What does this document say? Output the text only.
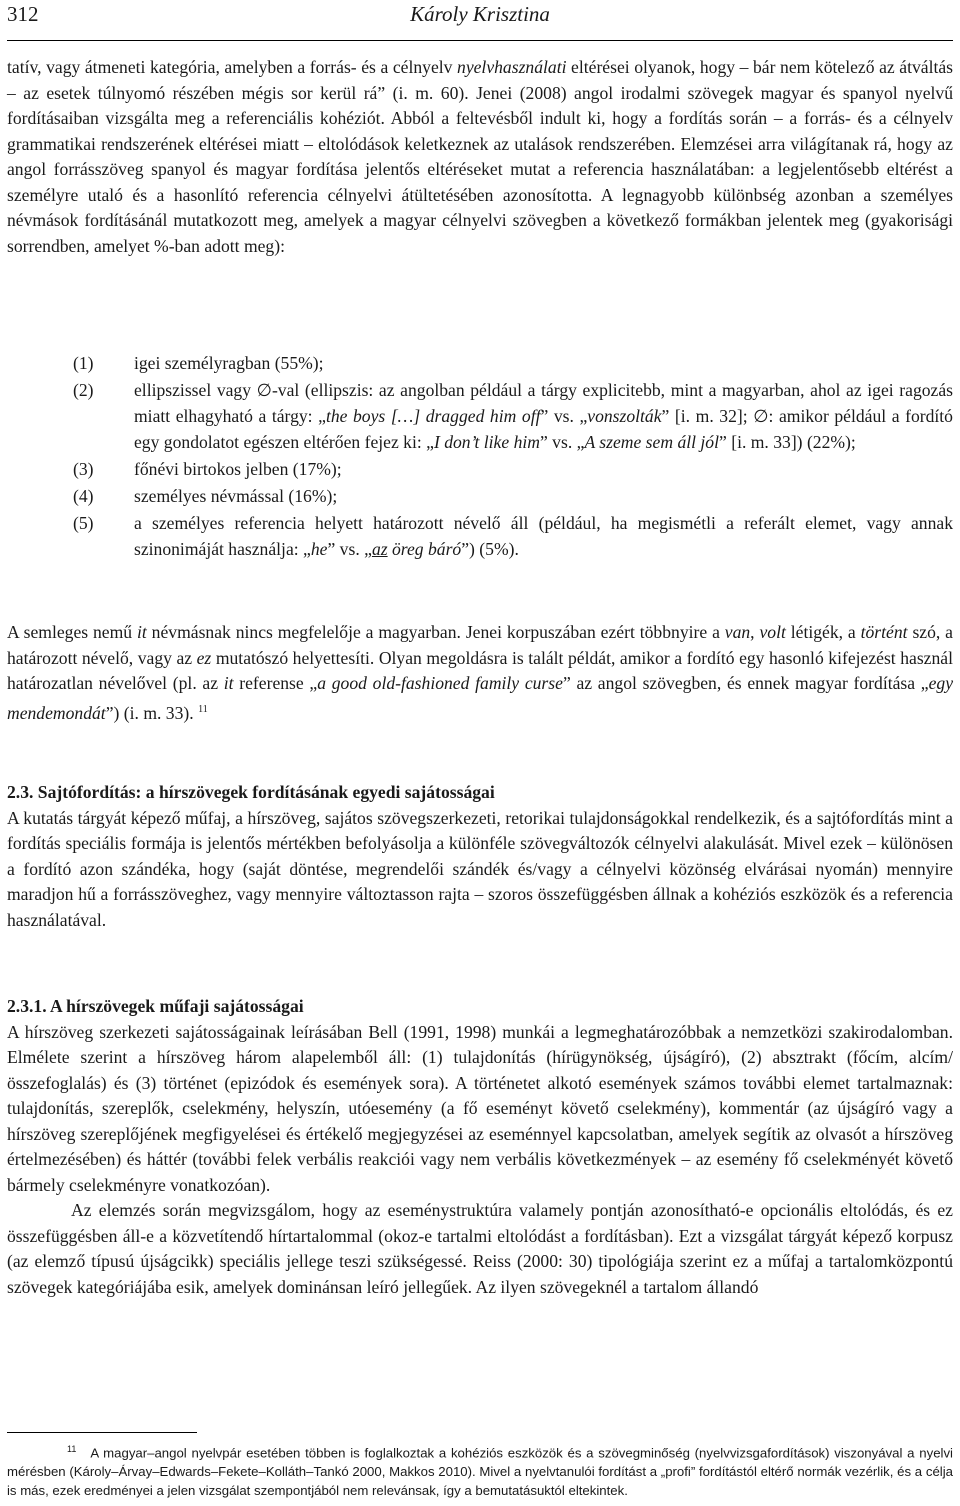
312	Károly Krisztina

tatív, vagy átmeneti kategória, amelyben a forrás- és a célnyelv nyelvhasználati eltérései olyanok, hogy – bár nem kötelező az átváltás – az esetek túlnyomó részében mégis sor kerül rá” (i. m. 60). Jenei (2008) angol irodalmi szövegek magyar és spanyol nyelvű fordításaiban vizsgálta meg a referenciális kohéziót. Abból a feltevésből indult ki, hogy a fordítás során – a forrás- és a célnyelv grammatikai rendszerének eltérései miatt – eltolódások keletkeznek az utalások rendszerében. Elemzései arra világítanak rá, hogy az angol forrásszöveg spanyol és magyar fordítása jelentős eltéréseket mutat a referencia használatában: a legjelentősebb eltérést a személyre utaló és a hasonlító referencia célnyelvi átültetésében azonosította. A legnagyobb különbség azonban a személyes névmások fordításánál mutatkozott meg, amelyek a magyar célnyelvi szövegben a következő formákban jelentek meg (gyakorisági sorrendben, amelyet %-ban adott meg):

(1) igei személyragban (55%);
(2) ellipszissel vagy ∅-val (ellipszis: az angolban például a tárgy explicitebb, mint a magyarban, ahol az igei ragozás miatt elhagyható a tárgy: „the boys […] dragged him off” vs. „vonszolták” [i. m. 32]; ∅: amikor például a fordító egy gondolatot egészen eltérően fejez ki: „I don’t like him” vs. „A szeme sem áll jól” [i. m. 33]) (22%);
(3) főnévi birtokos jelben (17%);
(4) személyes névmással (16%);
(5) a személyes referencia helyett határozott névelő áll (például, ha megismétli a referált elemet, vagy annak szinonimáját használja: „he” vs. „az öreg báró”) (5%).

A semleges nemű it névmásnak nincs megfelelője a magyarban. Jenei korpuszában ezért többnyire a van, volt létigék, a történt szó, a határozott névelő, vagy az ez mutatószó helyettesíti. Olyan megoldásra is talált példát, amikor a fordító egy hasonló kifejezést használ határozatlan névelővel (pl. az it referense „a good old-fashioned family curse” az angol szövegben, és ennek magyar fordítása „egy mendemondát”) (i. m. 33). $^{11}$

2.3. Sajtófordítás: a hírszövegek fordításának egyedi sajátosságai

A kutatás tárgyát képező műfaj, a hírszöveg, sajátos szövegszerkezeti, retorikai tulajdonságokkal rendelkezik, és a sajtófordítás mint a fordítás speciális formája is jelentős mértékben befolyásolja a különféle szövegváltozók célnyelvi alakulását. Mivel ezek – különösen a fordító azon szándéka, hogy (saját döntése, megrendelői szándék és/vagy a célnyelvi közönség elvárásai nyomán) mennyire maradjon hű a forrásszöveghez, vagy mennyire változtasson rajta – szoros összefüggésben állnak a kohéziós eszközök és a referencia használatával.

2.3.1. A hírszövegek műfaji sajátosságai

A hírszöveg szerkezeti sajátosságainak leírásában Bell (1991, 1998) munkái a legmeghatározóbbak a nemzetközi szakirodalomban. Elmélete szerint a hírszöveg három alapelemből áll: (1) tulajdonítás (hírügynökség, újságíró), (2) absztrakt (főcím, alcím/összefoglalás) és (3) történet (epizódok és események sora). A történetet alkotó események számos további elemet tartalmaznak: tulajdonítás, szereplők, cselekmény, helyszín, utóesemény (a fő eseményt követő cselekmény), kommentár (az újságíró vagy a hírszöveg szereplőjének megfigyelései és értékelő megjegyzései az eseménnyel kapcsolatban, amelyek segítik az olvasót a hírszöveg értelmezésében) és háttér (további felek verbális reakciói vagy nem verbális következmények – az esemény fő cselekményét követő bármely cselekményre vonatkozóan).

Az elemzés során megvizsgálom, hogy az eseménystruktúra valamely pontján azonosítható-e opcionális eltolódás, és ez összefüggésben áll-e a közvetítendő hírtartalommal (okoz-e tartalmi eltolódást a fordításban). Ezt a vizsgálat tárgyát képező korpusz (az elemző típusú újságcikk) speciális jellege teszi szükségessé. Reiss (2000: 30) tipológiája szerint ez a műfaj a tartalomközpontú szövegek kategóriájába esik, amelyek dominánsan leíró jellegűek. Az ilyen szövegeknél a tartalom állandó

$^{11}$ A magyar–angol nyelvpár esetében többen is foglalkoztak a kohéziós eszközök és a szövegminőség (nyelvvizsgafordítások) viszonyával a nyelvi mérésben (Károly–Árvay–Edwards–Fekete–Kolláth–Tankó 2000, Makkos 2010). Mivel a nyelvtanulói fordítást a „profi” fordítástól eltérő normák vezérlik, és a célja is más, ezek eredményei a jelen vizsgálat szempontjából nem relevánsak, így a bemutatásuktól eltekintek.
